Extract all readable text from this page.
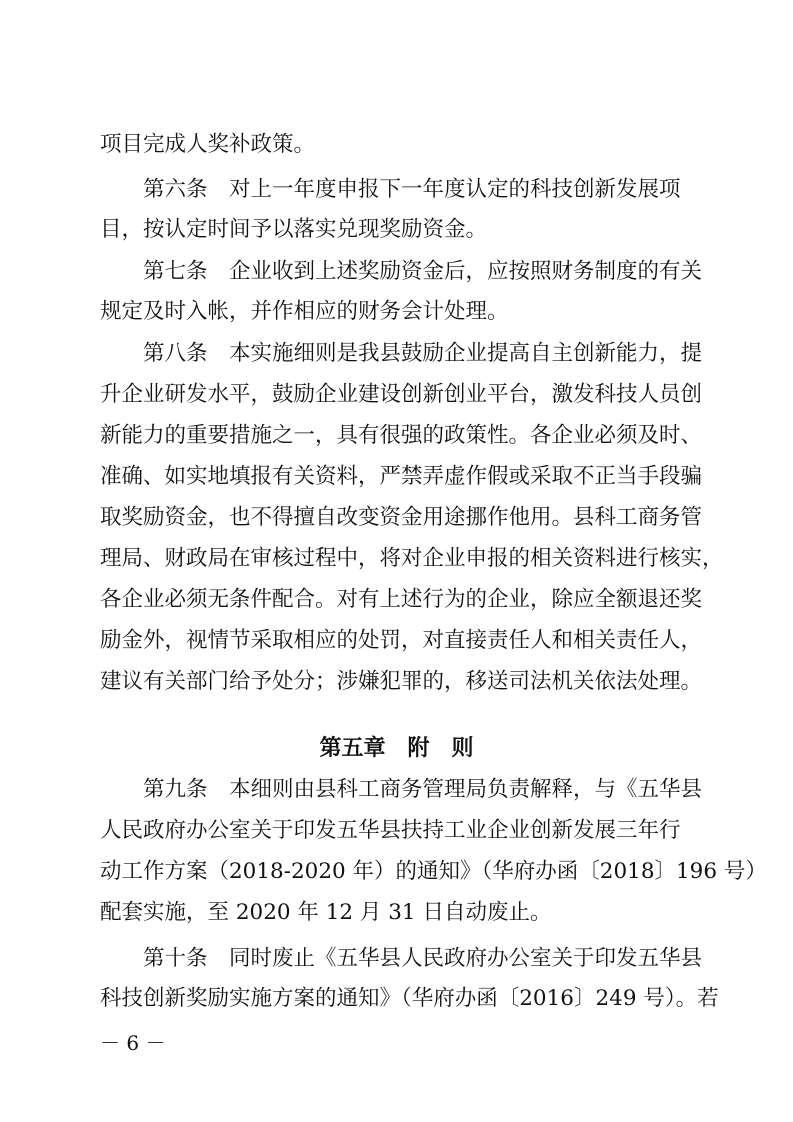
项目完成人奖补政策。
第六条　对上一年度申报下一年度认定的科技创新发展项
目，按认定时间予以落实兑现奖励资金。
第七条　企业收到上述奖励资金后，应按照财务制度的有关
规定及时入帐，并作相应的财务会计处理。
第八条　本实施细则是我县鼓励企业提高自主创新能力，提
升企业研发水平，鼓励企业建设创新创业平台，激发科技人员创
新能力的重要措施之一，具有很强的政策性。各企业必须及时、
准确、如实地填报有关资料，严禁弄虚作假或采取不正当手段骗
取奖励资金，也不得擅自改变资金用途挪作他用。县科工商务管
理局、财政局在审核过程中，将对企业申报的相关资料进行核实，
各企业必须无条件配合。对有上述行为的企业，除应全额退还奖
励金外，视情节采取相应的处罚，对直接责任人和相关责任人，
建议有关部门给予处分；涉嫌犯罪的，移送司法机关依法处理。
第五章　附　则
第九条　本细则由县科工商务管理局负责解释，与《五华县
人民政府办公室关于印发五华县扶持工业企业创新发展三年行
动工作方案（2018-2020 年）的通知》（华府办函〔2018〕196 号）
配套实施，至 2020 年 12 月 31 日自动废止。
第十条　同时废止《五华县人民政府办公室关于印发五华县
科技创新奖励实施方案的通知》（华府办函〔2016〕249 号）。若
－ 6 －
